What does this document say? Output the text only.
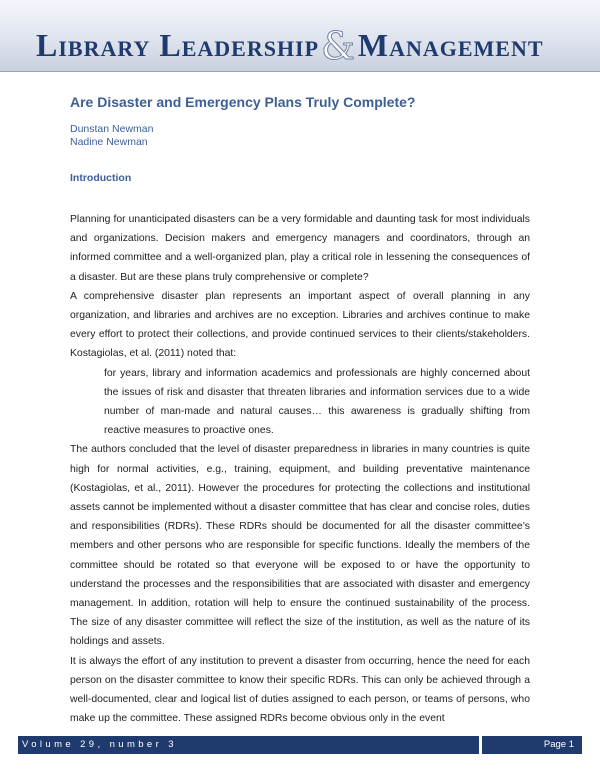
Library Leadership&Management
Are Disaster and Emergency Plans Truly Complete?
Dunstan Newman
Nadine Newman
Introduction

Planning for unanticipated disasters can be a very formidable and daunting task for most individuals and organizations. Decision makers and emergency managers and coordinators, through an informed committee and a well-organized plan, play a critical role in lessening the consequences of a disaster. But are these plans truly comprehensive or complete?

A comprehensive disaster plan represents an important aspect of overall planning in any organization, and libraries and archives are no exception. Libraries and archives continue to make every effort to protect their collections, and provide continued services to their clients/stakeholders. Kostagiolas, et al. (2011) noted that:

for years, library and information academics and professionals are highly concerned about the issues of risk and disaster that threaten libraries and information services due to a wide number of man-made and natural causes… this awareness is gradually shifting from reactive measures to proactive ones.

The authors concluded that the level of disaster preparedness in libraries in many countries is quite high for normal activities, e.g., training, equipment, and building preventative maintenance (Kostagiolas, et al., 2011). However the procedures for protecting the collections and institutional assets cannot be implemented without a disaster committee that has clear and concise roles, duties and responsibilities (RDRs). These RDRs should be documented for all the disaster committee’s members and other persons who are responsible for specific functions. Ideally the members of the committee should be rotated so that everyone will be exposed to or have the opportunity to understand the processes and the responsibilities that are associated with disaster and emergency management. In addition, rotation will help to ensure the continued sustainability of the process. The size of any disaster committee will reflect the size of the institution, as well as the nature of its holdings and assets.

It is always the effort of any institution to prevent a disaster from occurring, hence the need for each person on the disaster committee to know their specific RDRs. This can only be achieved through a well-documented, clear and logical list of duties assigned to each person, or teams of persons, who make up the committee. These assigned RDRs become obvious only in the event

Volume 29, number 3	Page 1
